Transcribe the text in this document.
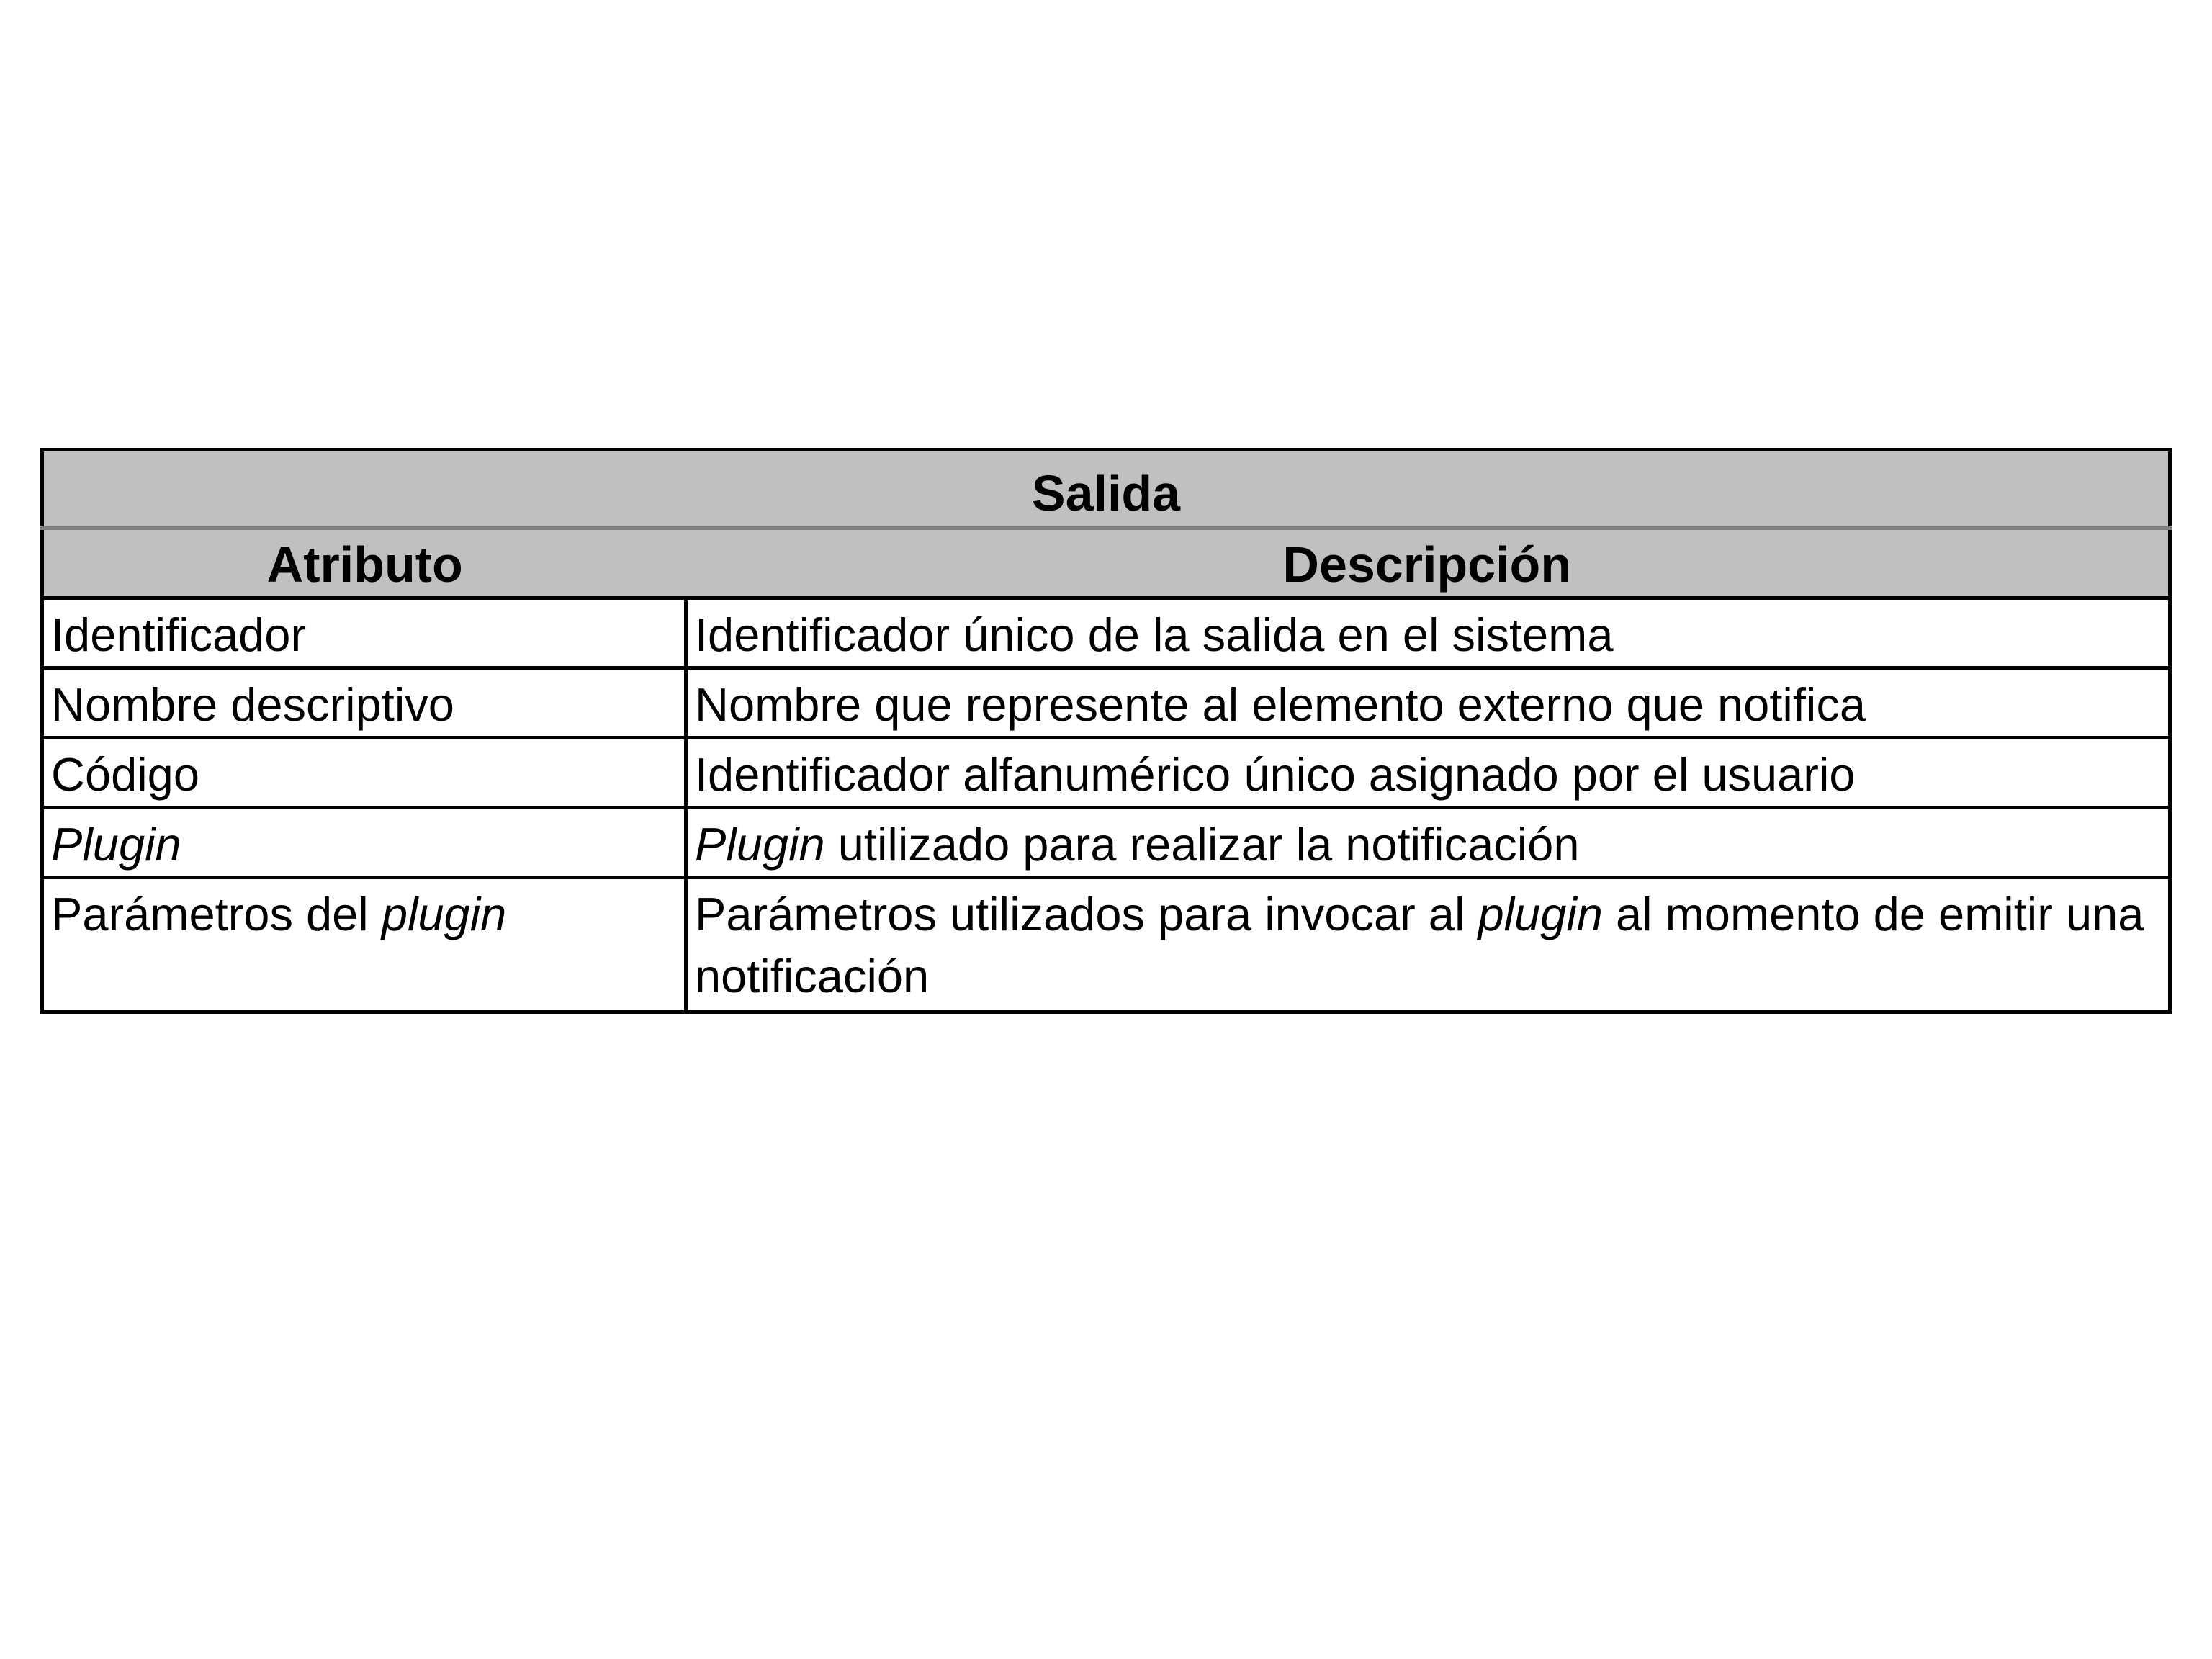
Salida	
Atributo	Descripción
Identificador	Identificador único de la salida en el sistema
Nombre descriptivo	Nombre que represente al elemento externo que notifica
Código	Identificador alfanumérico único asignado por el usuario
Plugin	Plugin utilizado para realizar la notificación
Parámetros del plugin	Parámetros utilizados para invocar al plugin al momento de emitir una notificación
